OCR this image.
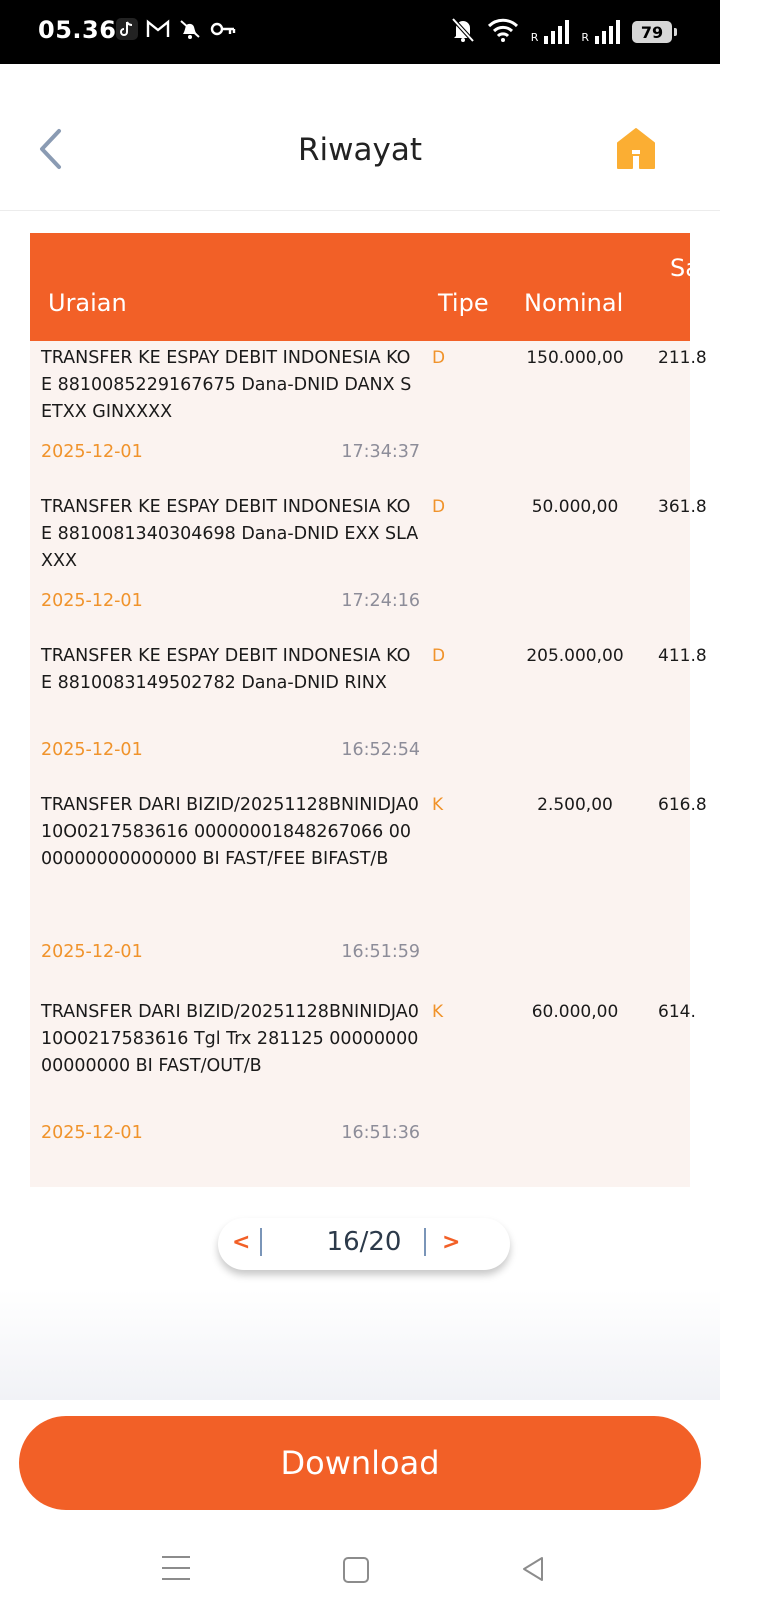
05.36	R	R	79
Riwayat
Uraian	Tipe Nominal
Sa A
TRANSFER KE ESPAY DEBIT INDONESIA KOE 8810085229167675 Dana-DNID DANX SETXX GINXXXX
D	150.000,00	211.8
2025-12-01	17:34:37
TRANSFER KE ESPAY DEBIT INDONESIA KOE 8810081340304698 Dana-DNID EXX SLAXXX
D	50.000,00	361.8
2025-12-01	17:24:16
TRANSFER KE ESPAY DEBIT INDONESIA KOE 8810083149502782 Dana-DNID RINX
D	205.000,00	411.8
2025-12-01	16:52:54
TRANSFER DARI BIZID/20251128BNINIDJA010O0217583616 00000001848267066 0000000000000000 BI FAST/FEE BIFAST/B
K	2.500,00	616.8
2025-12-01	16:51:59
TRANSFER DARI BIZID/20251128BNINIDJA010O0217583616 Tgl Trx 281125 0000000000000000 BI FAST/OUT/B
K	60.000,00	614.
2025-12-01	16:51:36
<	16/20	>
Download
